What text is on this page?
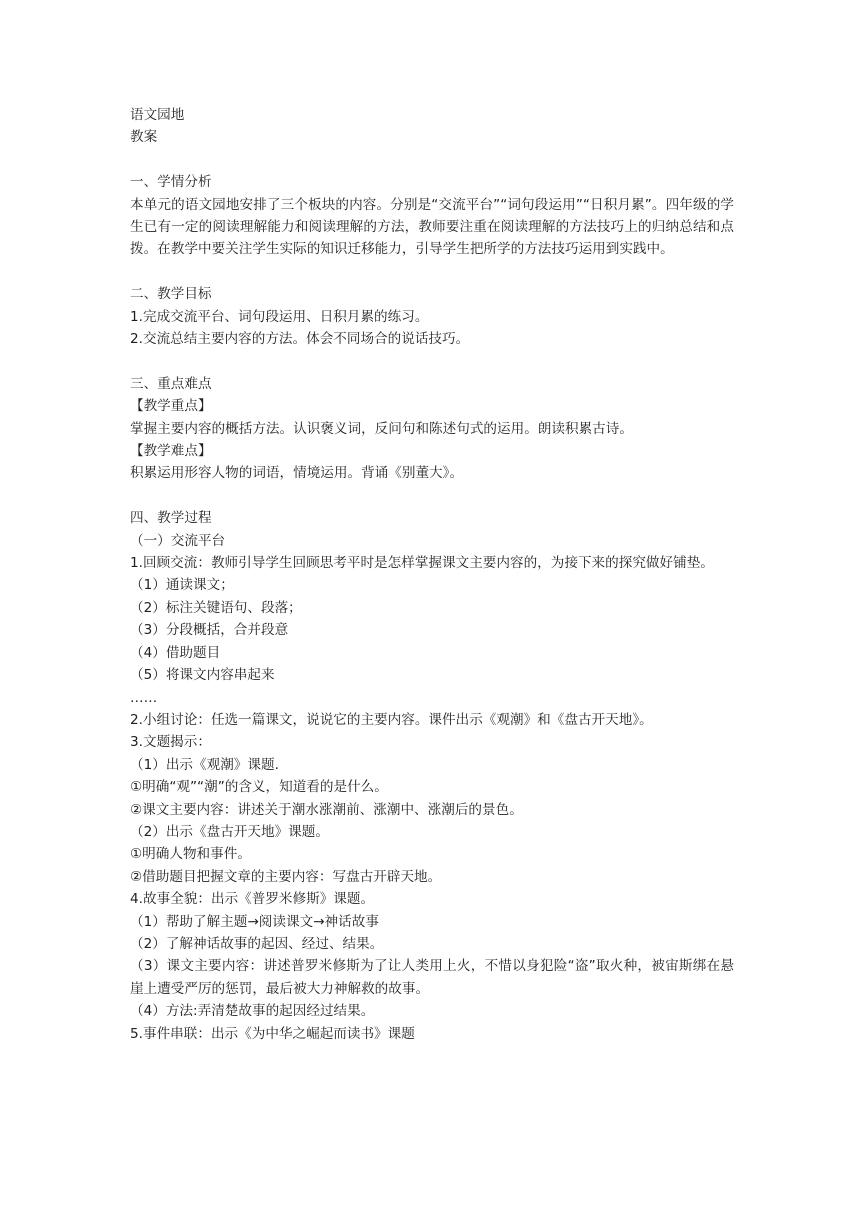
语文园地
教案
一、学情分析
本单元的语文园地安排了三个板块的内容。分别是“交流平台”“词句段运用”“日积月累”。四年级的学生已有一定的阅读理解能力和阅读理解的方法，教师要注重在阅读理解的方法技巧上的归纳总结和点拨。在教学中要关注学生实际的知识迁移能力，引导学生把所学的方法技巧运用到实践中。
二、教学目标
1.完成交流平台、词句段运用、日积月累的练习。
2.交流总结主要内容的方法。体会不同场合的说话技巧。
三、重点难点
【教学重点】
掌握主要内容的概括方法。认识褒义词，反问句和陈述句式的运用。朗读积累古诗。
【教学难点】
积累运用形容人物的词语，情境运用。背诵《别董大》。
四、教学过程
（一）交流平台
1.回顾交流：教师引导学生回顾思考平时是怎样掌握课文主要内容的，为接下来的探究做好铺垫。
（1）通读课文；
（2）标注关键语句、段落；
（3）分段概括，合并段意
（4）借助题目
（5）将课文内容串起来
……
2.小组讨论：任选一篇课文，说说它的主要内容。课件出示《观潮》和《盘古开天地》。
3.文题揭示：
（1）出示《观潮》课题.
①明确“观”“潮”的含义，知道看的是什么。
②课文主要内容：讲述关于潮水涨潮前、涨潮中、涨潮后的景色。
（2）出示《盘古开天地》课题。
①明确人物和事件。
②借助题目把握文章的主要内容：写盘古开辟天地。
4.故事全貌：出示《普罗米修斯》课题。
（1）帮助了解主题→阅读课文→神话故事
（2）了解神话故事的起因、经过、结果。
（3）课文主要内容：讲述普罗米修斯为了让人类用上火，不惜以身犯险“盗”取火种，被宙斯绑在悬崖上遭受严厉的惩罚，最后被大力神解救的故事。
（4）方法:弄清楚故事的起因经过结果。
5.事件串联：出示《为中华之崛起而读书》课题
